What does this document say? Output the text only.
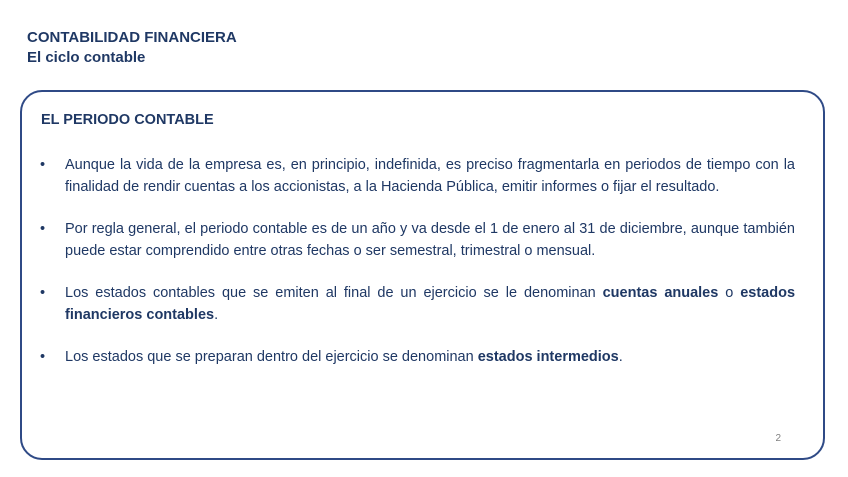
CONTABILIDAD FINANCIERA
El ciclo contable
EL PERIODO CONTABLE
• Aunque la vida de la empresa es, en principio, indefinida, es preciso fragmentarla en periodos de tiempo con la finalidad de rendir cuentas a los accionistas, a la Hacienda Pública, emitir informes o fijar el resultado.
• Por regla general, el periodo contable es de un año y va desde el 1 de enero al 31 de diciembre, aunque también puede estar comprendido entre otras fechas o ser semestral, trimestral o mensual.
• Los estados contables que se emiten al final de un ejercicio se le denominan cuentas anuales o estados financieros contables.
• Los estados que se preparan dentro del ejercicio se denominan estados intermedios.
2
